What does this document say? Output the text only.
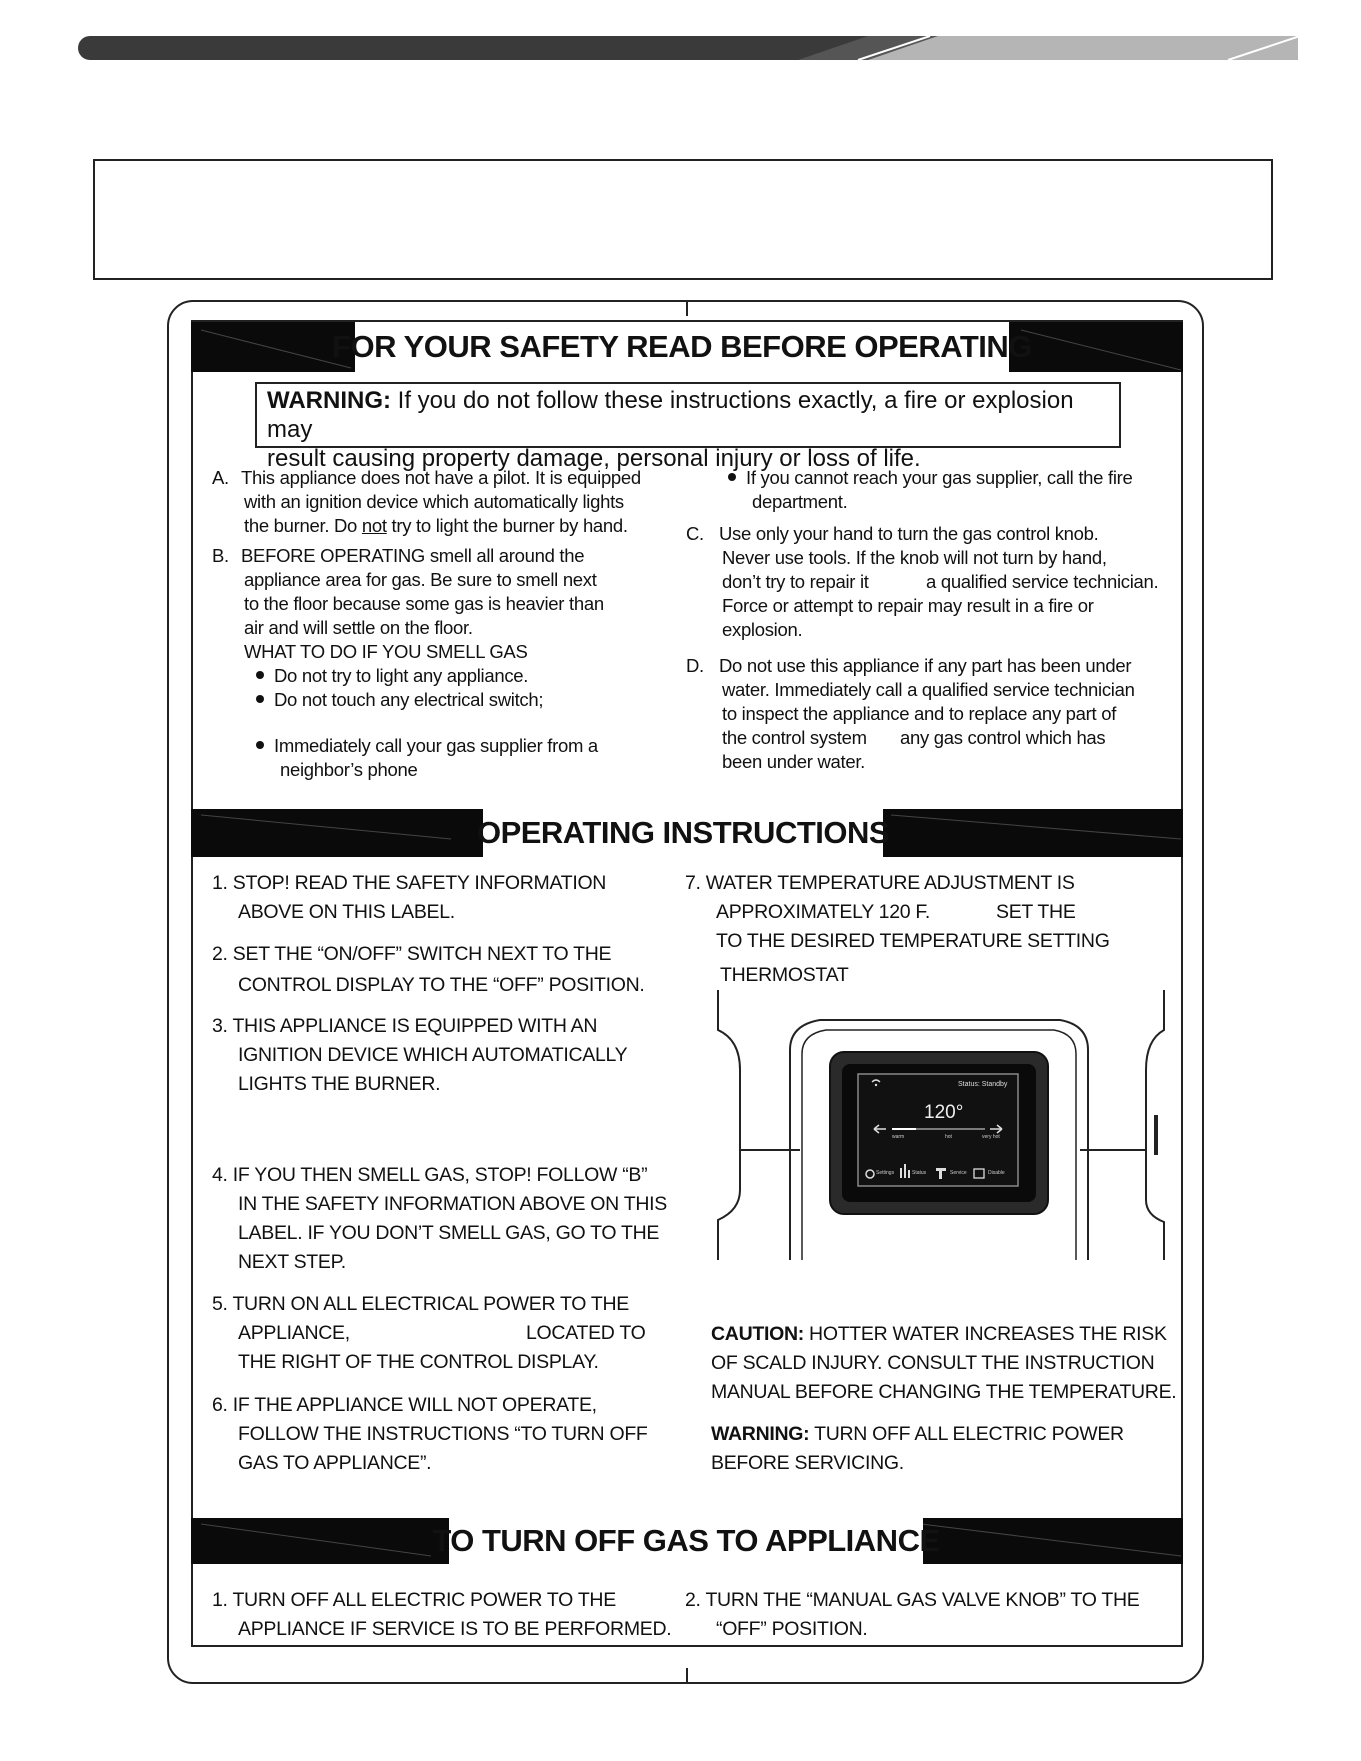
FOR YOUR SAFETY READ BEFORE OPERATING
WARNING: If you do not follow these instructions exactly, a fire or explosion may
result causing property damage, personal injury or loss of life.
A. This appliance does not have a pilot. It is equipped
with an ignition device which automatically lights
the burner. Do not try to light the burner by hand.
B. BEFORE OPERATING smell all around the
appliance area for gas. Be sure to smell next
to the floor because some gas is heavier than
air and will settle on the floor.
WHAT TO DO IF YOU SMELL GAS
Do not try to light any appliance.
Do not touch any electrical switch;
Immediately call your gas supplier from a
neighbor’s phone
If you cannot reach your gas supplier, call the fire
department.
C. Use only your hand to turn the gas control knob.
Never use tools. If the knob will not turn by hand,
don’t try to repair it	a qualified service technician.
Force or attempt to repair may result in a fire or
explosion.
D. Do not use this appliance if any part has been under
water. Immediately call a qualified service technician
to inspect the appliance and to replace any part of
the control system any gas control which has
been under water.
OPERATING INSTRUCTIONS
1. STOP! READ THE SAFETY INFORMATION
ABOVE ON THIS LABEL.
2. SET THE “ON/OFF” SWITCH NEXT TO THE
CONTROL DISPLAY TO THE “OFF” POSITION.
3. THIS APPLIANCE IS EQUIPPED WITH AN
IGNITION DEVICE WHICH AUTOMATICALLY
LIGHTS THE BURNER.
4. IF YOU THEN SMELL GAS, STOP! FOLLOW “B”
IN THE SAFETY INFORMATION ABOVE ON THIS
LABEL. IF YOU DON’T SMELL GAS, GO TO THE
NEXT STEP.
5. TURN ON ALL ELECTRICAL POWER TO THE
APPLIANCE,	LOCATED TO
THE RIGHT OF THE CONTROL DISPLAY.
6. IF THE APPLIANCE WILL NOT OPERATE,
FOLLOW THE INSTRUCTIONS “TO TURN OFF
GAS TO APPLIANCE”.
7. WATER TEMPERATURE ADJUSTMENT IS
APPROXIMATELY 120 F.	SET THE
TO THE DESIRED TEMPERATURE SETTING
THERMOSTAT
Status: Standby
120°
warm	hot	very hot
Settings	Status	Service	Disable
CAUTION: HOTTER WATER INCREASES THE RISK
OF SCALD INJURY. CONSULT THE INSTRUCTION
MANUAL BEFORE CHANGING THE TEMPERATURE.
WARNING: TURN OFF ALL ELECTRIC POWER
BEFORE SERVICING.
TO TURN OFF GAS TO APPLIANCE
1. TURN OFF ALL ELECTRIC POWER TO THE
APPLIANCE IF SERVICE IS TO BE PERFORMED.
2. TURN THE “MANUAL GAS VALVE KNOB” TO THE
“OFF” POSITION.
